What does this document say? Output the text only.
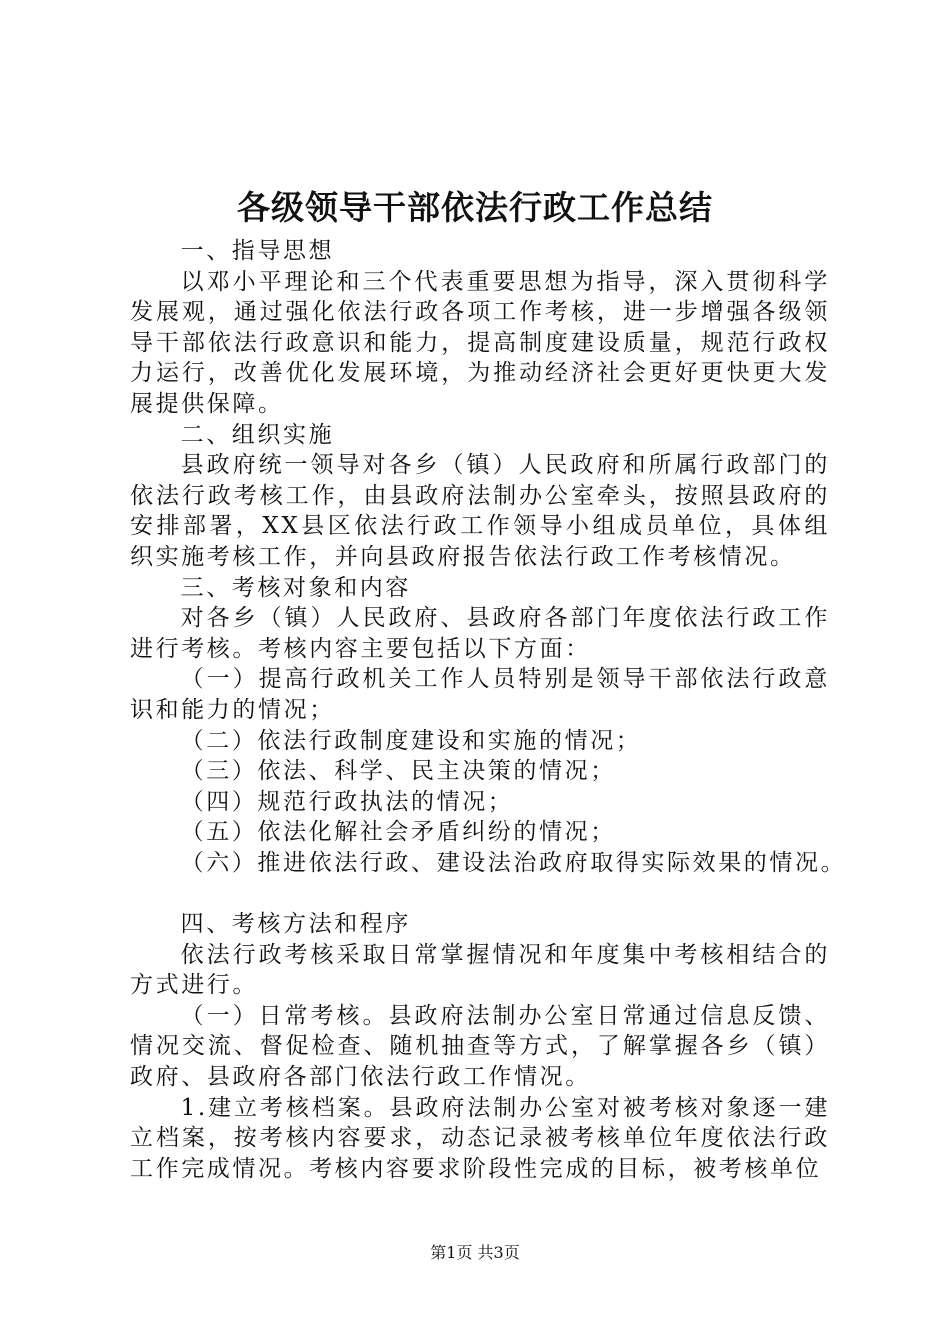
各级领导干部依法行政工作总结

一、指导思想

以邓小平理论和三个代表重要思想为指导，深入贯彻科学发展观，通过强化依法行政各项工作考核，进一步增强各级领导干部依法行政意识和能力，提高制度建设质量，规范行政权力运行，改善优化发展环境，为推动经济社会更好更快更大发展提供保障。

二、组织实施

县政府统一领导对各乡（镇）人民政府和所属行政部门的依法行政考核工作，由县政府法制办公室牵头，按照县政府的安排部署，XX县区依法行政工作领导小组成员单位，具体组织实施考核工作，并向县政府报告依法行政工作考核情况。

三、考核对象和内容

对各乡（镇）人民政府、县政府各部门年度依法行政工作进行考核。考核内容主要包括以下方面：

（一）提高行政机关工作人员特别是领导干部依法行政意识和能力的情况；

（二）依法行政制度建设和实施的情况；

（三）依法、科学、民主决策的情况；

（四）规范行政执法的情况；

（五）依法化解社会矛盾纠纷的情况；

（六）推进依法行政、建设法治政府取得实际效果的情况。

四、考核方法和程序

依法行政考核采取日常掌握情况和年度集中考核相结合的方式进行。

（一）日常考核。县政府法制办公室日常通过信息反馈、情况交流、督促检查、随机抽查等方式，了解掌握各乡（镇）政府、县政府各部门依法行政工作情况。

1.建立考核档案。县政府法制办公室对被考核对象逐一建立档案，按考核内容要求，动态记录被考核单位年度依法行政工作完成情况。考核内容要求阶段性完成的目标，被考核单位

第1页 共3页
